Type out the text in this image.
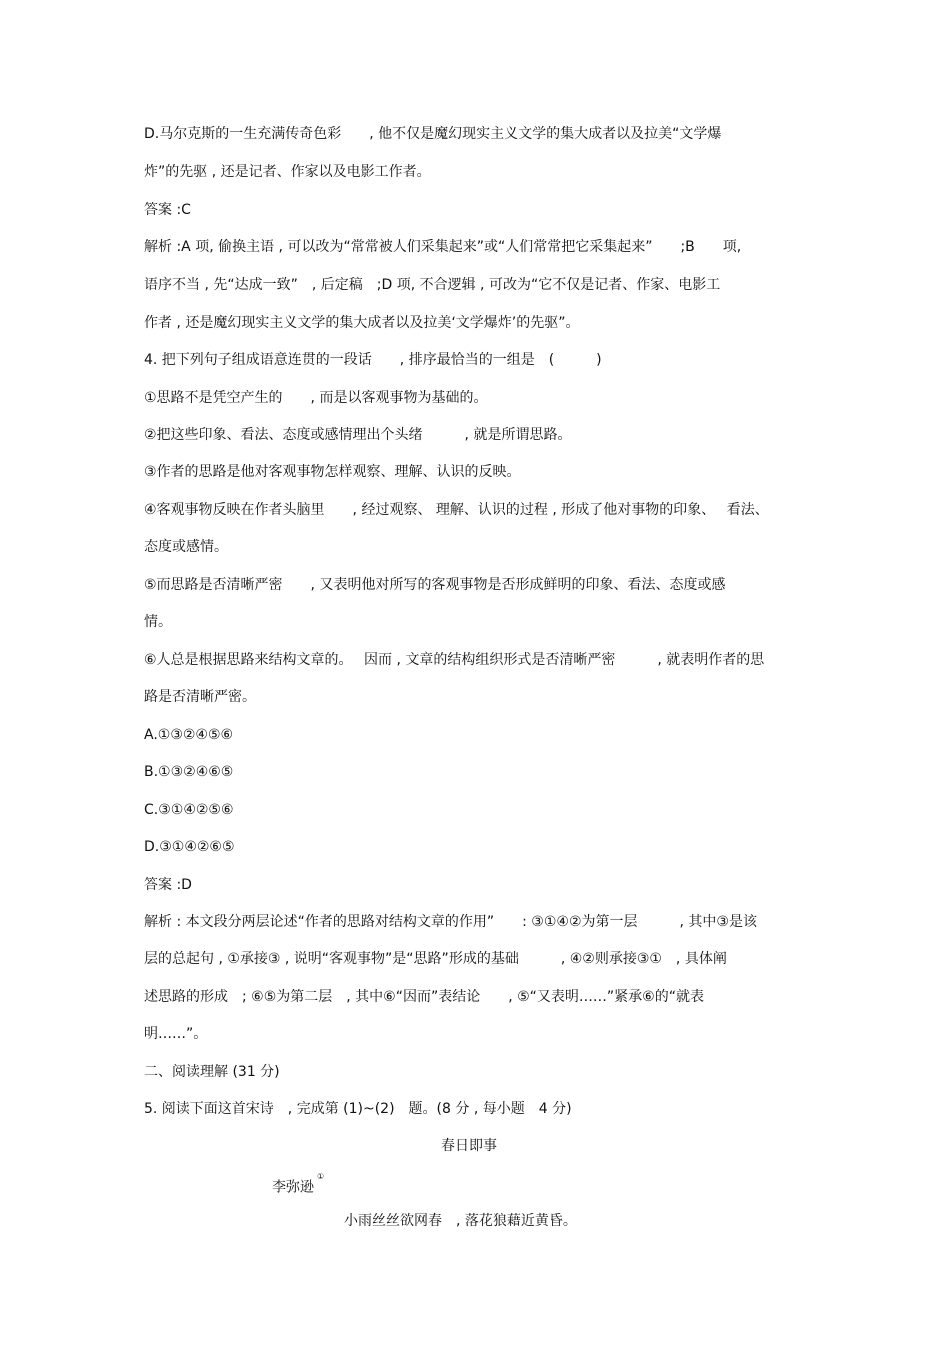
D.马尔克斯的一生充满传奇色彩　　, 他不仅是魔幻现实主义文学的集大成者以及拉美“文学爆
炸”的先驱 , 还是记者、作家以及电影工作者。
答案 :C
解析 :A 项, 偷换主语 , 可以改为“常常被人们采集起来”或“人们常常把它采集起来”　　;B　　项,
语序不当 , 先“达成一致”　, 后定稿　;D 项, 不合逻辑 , 可改为“它不仅是记者、作家、电影工
作者 , 还是魔幻现实主义文学的集大成者以及拉美‘文学爆炸’的先驱”。
4. 把下列句子组成语意连贯的一段话　　, 排序最恰当的一组是　(　　　)
①思路不是凭空产生的　　, 而是以客观事物为基础的。
②把这些印象、看法、态度或感情理出个头绪　　　, 就是所谓思路。
③作者的思路是他对客观事物怎样观察、理解、认识的反映。
④客观事物反映在作者头脑里　　, 经过观察、 理解、认识的过程 , 形成了他对事物的印象、　 看法、
态度或感情。
⑤而思路是否清晰严密　　, 又表明他对所写的客观事物是否形成鲜明的印象、看法、态度或感
情。
⑥人总是根据思路来结构文章的。　 因而 , 文章的结构组织形式是否清晰严密　　　, 就表明作者的思
路是否清晰严密。
A.①③②④⑤⑥
B.①③②④⑥⑤
C.③①④②⑤⑥
D.③①④②⑥⑤
答案 :D
解析 : 本文段分两层论述“作者的思路对结构文章的作用”　　: ③①④②为第一层　　　, 其中③是该
层的总起句 , ①承接③ , 说明“客观事物”是“思路”形成的基础　　　, ④②则承接③①　, 具体阐
述思路的形成　; ⑥⑤为第二层　, 其中⑥“因而”表结论　　, ⑤“又表明……”紧承⑥的“就表
明……”。
二、阅读理解 (31 分)
5. 阅读下面这首宋诗　, 完成第 (1)~(2)　题。(8 分 , 每小题　4 分)
春日即事
李弥逊①
小雨丝丝欲网春　, 落花狼藉近黄昏。
